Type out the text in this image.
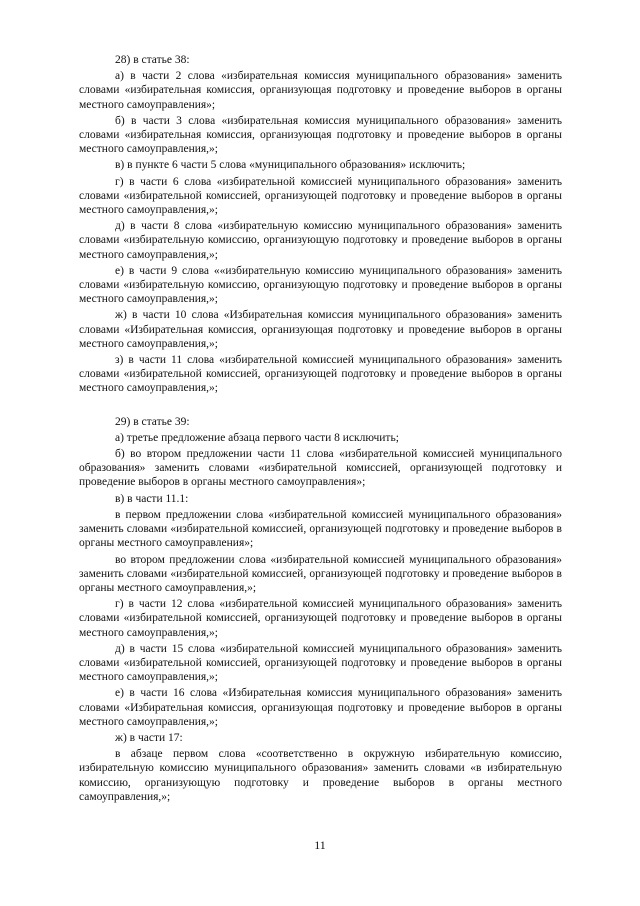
28) в статье 38:

а) в части 2 слова «избирательная комиссия муниципального образования» заменить словами «избирательная комиссия, организующая подготовку и проведение выборов в органы местного самоуправления»;

б) в части 3 слова «избирательная комиссия муниципального образования» заменить словами «избирательная комиссия, организующая подготовку и проведение выборов в органы местного самоуправления,»;

в) в пункте 6 части 5 слова «муниципального образования» исключить;

г) в части 6 слова «избирательной комиссией муниципального образования» заменить словами «избирательной комиссией, организующей подготовку и проведение выборов в органы местного самоуправления,»;

д) в части 8 слова «избирательную комиссию муниципального образования» заменить словами «избирательную комиссию, организующую подготовку и проведение выборов в органы местного самоуправления,»;

е) в части 9 слова ««избирательную комиссию муниципального образования» заменить словами «избирательную комиссию, организующую подготовку и проведение выборов в органы местного самоуправления,»;

ж) в части 10 слова «Избирательная комиссия муниципального образования» заменить словами «Избирательная комиссия, организующая подготовку и проведение выборов в органы местного самоуправления,»;

з) в части 11 слова «избирательной комиссией муниципального образования» заменить словами «избирательной комиссией, организующей подготовку и проведение выборов в органы местного самоуправления,»;

29) в статье 39:

а) третье предложение абзаца первого части 8 исключить;

б) во втором предложении части 11 слова «избирательной комиссией муниципального образования» заменить словами «избирательной комиссией, организующей подготовку и проведение выборов в органы местного самоуправления»;

в) в части 11.1:

в первом предложении слова «избирательной комиссией муниципального образования» заменить словами «избирательной комиссией, организующей подготовку и проведение выборов в органы местного самоуправления»;

во втором предложении слова «избирательной комиссией муниципального образования» заменить словами «избирательной комиссией, организующей подготовку и проведение выборов в органы местного самоуправления,»;

г) в части 12 слова «избирательной комиссией муниципального образования» заменить словами «избирательной комиссией, организующей подготовку и проведение выборов в органы местного самоуправления,»;

д) в части 15 слова «избирательной комиссией муниципального образования» заменить словами «избирательной комиссией, организующей подготовку и проведение выборов в органы местного самоуправления,»;

е) в части 16 слова «Избирательная комиссия муниципального образования» заменить словами «Избирательная комиссия, организующая подготовку и проведение выборов в органы местного самоуправления,»;

ж) в части 17:

в абзаце первом слова «соответственно в окружную избирательную комиссию, избирательную комиссию муниципального образования» заменить словами «в избирательную комиссию, организующую подготовку и проведение выборов в органы местного самоуправления,»;

11
